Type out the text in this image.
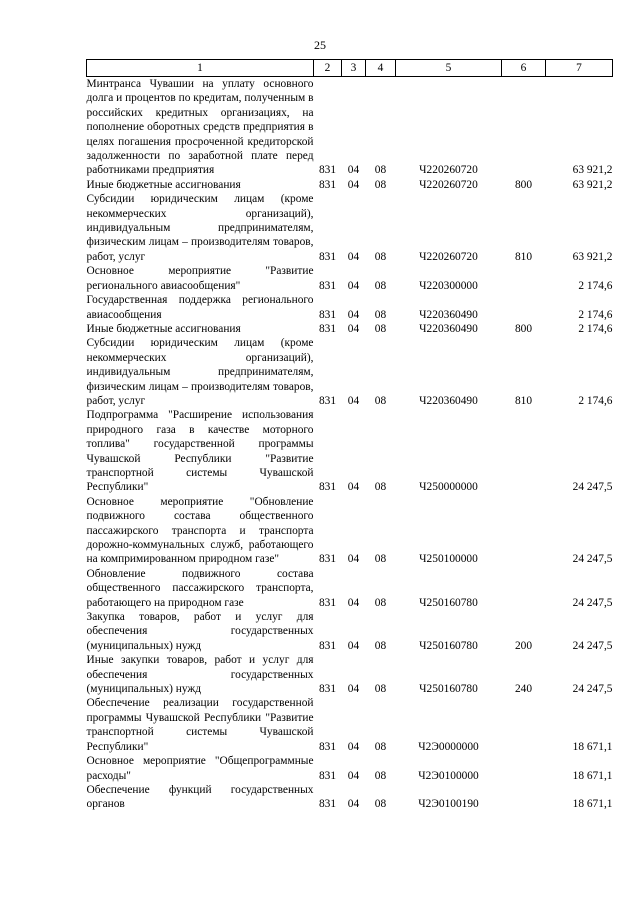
25
1	2	3	4	5	6	7
Минтранса Чувашии на уплату основного долга и процентов по кредитам, полученным в российских кредитных организациях, на пополнение оборотных средств предприятия в целях погашения просроченной кредиторской задолженности по заработной плате перед работниками предприятия	831	04	08	Ч220260720		63 921,2
Иные бюджетные ассигнования	831	04	08	Ч220260720	800	63 921,2
Субсидии юридическим лицам (кроме некоммерческих организаций), индивидуальным предпринимателям, физическим лицам – производителям товаров, работ, услуг	831	04	08	Ч220260720	810	63 921,2
Основное мероприятие "Развитие регионального авиасообщения"	831	04	08	Ч220300000		2 174,6
Государственная поддержка регионального авиасообщения	831	04	08	Ч220360490		2 174,6
Иные бюджетные ассигнования	831	04	08	Ч220360490	800	2 174,6
Субсидии юридическим лицам (кроме некоммерческих организаций), индивидуальным предпринимателям, физическим лицам – производителям товаров, работ, услуг	831	04	08	Ч220360490	810	2 174,6
Подпрограмма "Расширение использования природного газа в качестве моторного топлива" государственной программы Чувашской Республики "Развитие транспортной системы Чувашской Республики"	831	04	08	Ч250000000		24 247,5
Основное мероприятие "Обновление подвижного состава общественного пассажирского транспорта и транспорта дорожно-коммунальных служб, работающего на компримированном природном газе"	831	04	08	Ч250100000		24 247,5
Обновление подвижного состава общественного пассажирского транспорта, работающего на природном газе	831	04	08	Ч250160780		24 247,5
Закупка товаров, работ и услуг для обеспечения государственных (муниципальных) нужд	831	04	08	Ч250160780	200	24 247,5
Иные закупки товаров, работ и услуг для обеспечения государственных (муниципальных) нужд	831	04	08	Ч250160780	240	24 247,5
Обеспечение реализации государственной программы Чувашской Республики "Развитие транспортной системы Чувашской Республики"	831	04	08	Ч2Э0000000		18 671,1
Основное мероприятие "Общепрограммные расходы"	831	04	08	Ч2Э0100000		18 671,1
Обеспечение функций государственных органов	831	04	08	Ч2Э0100190		18 671,1
